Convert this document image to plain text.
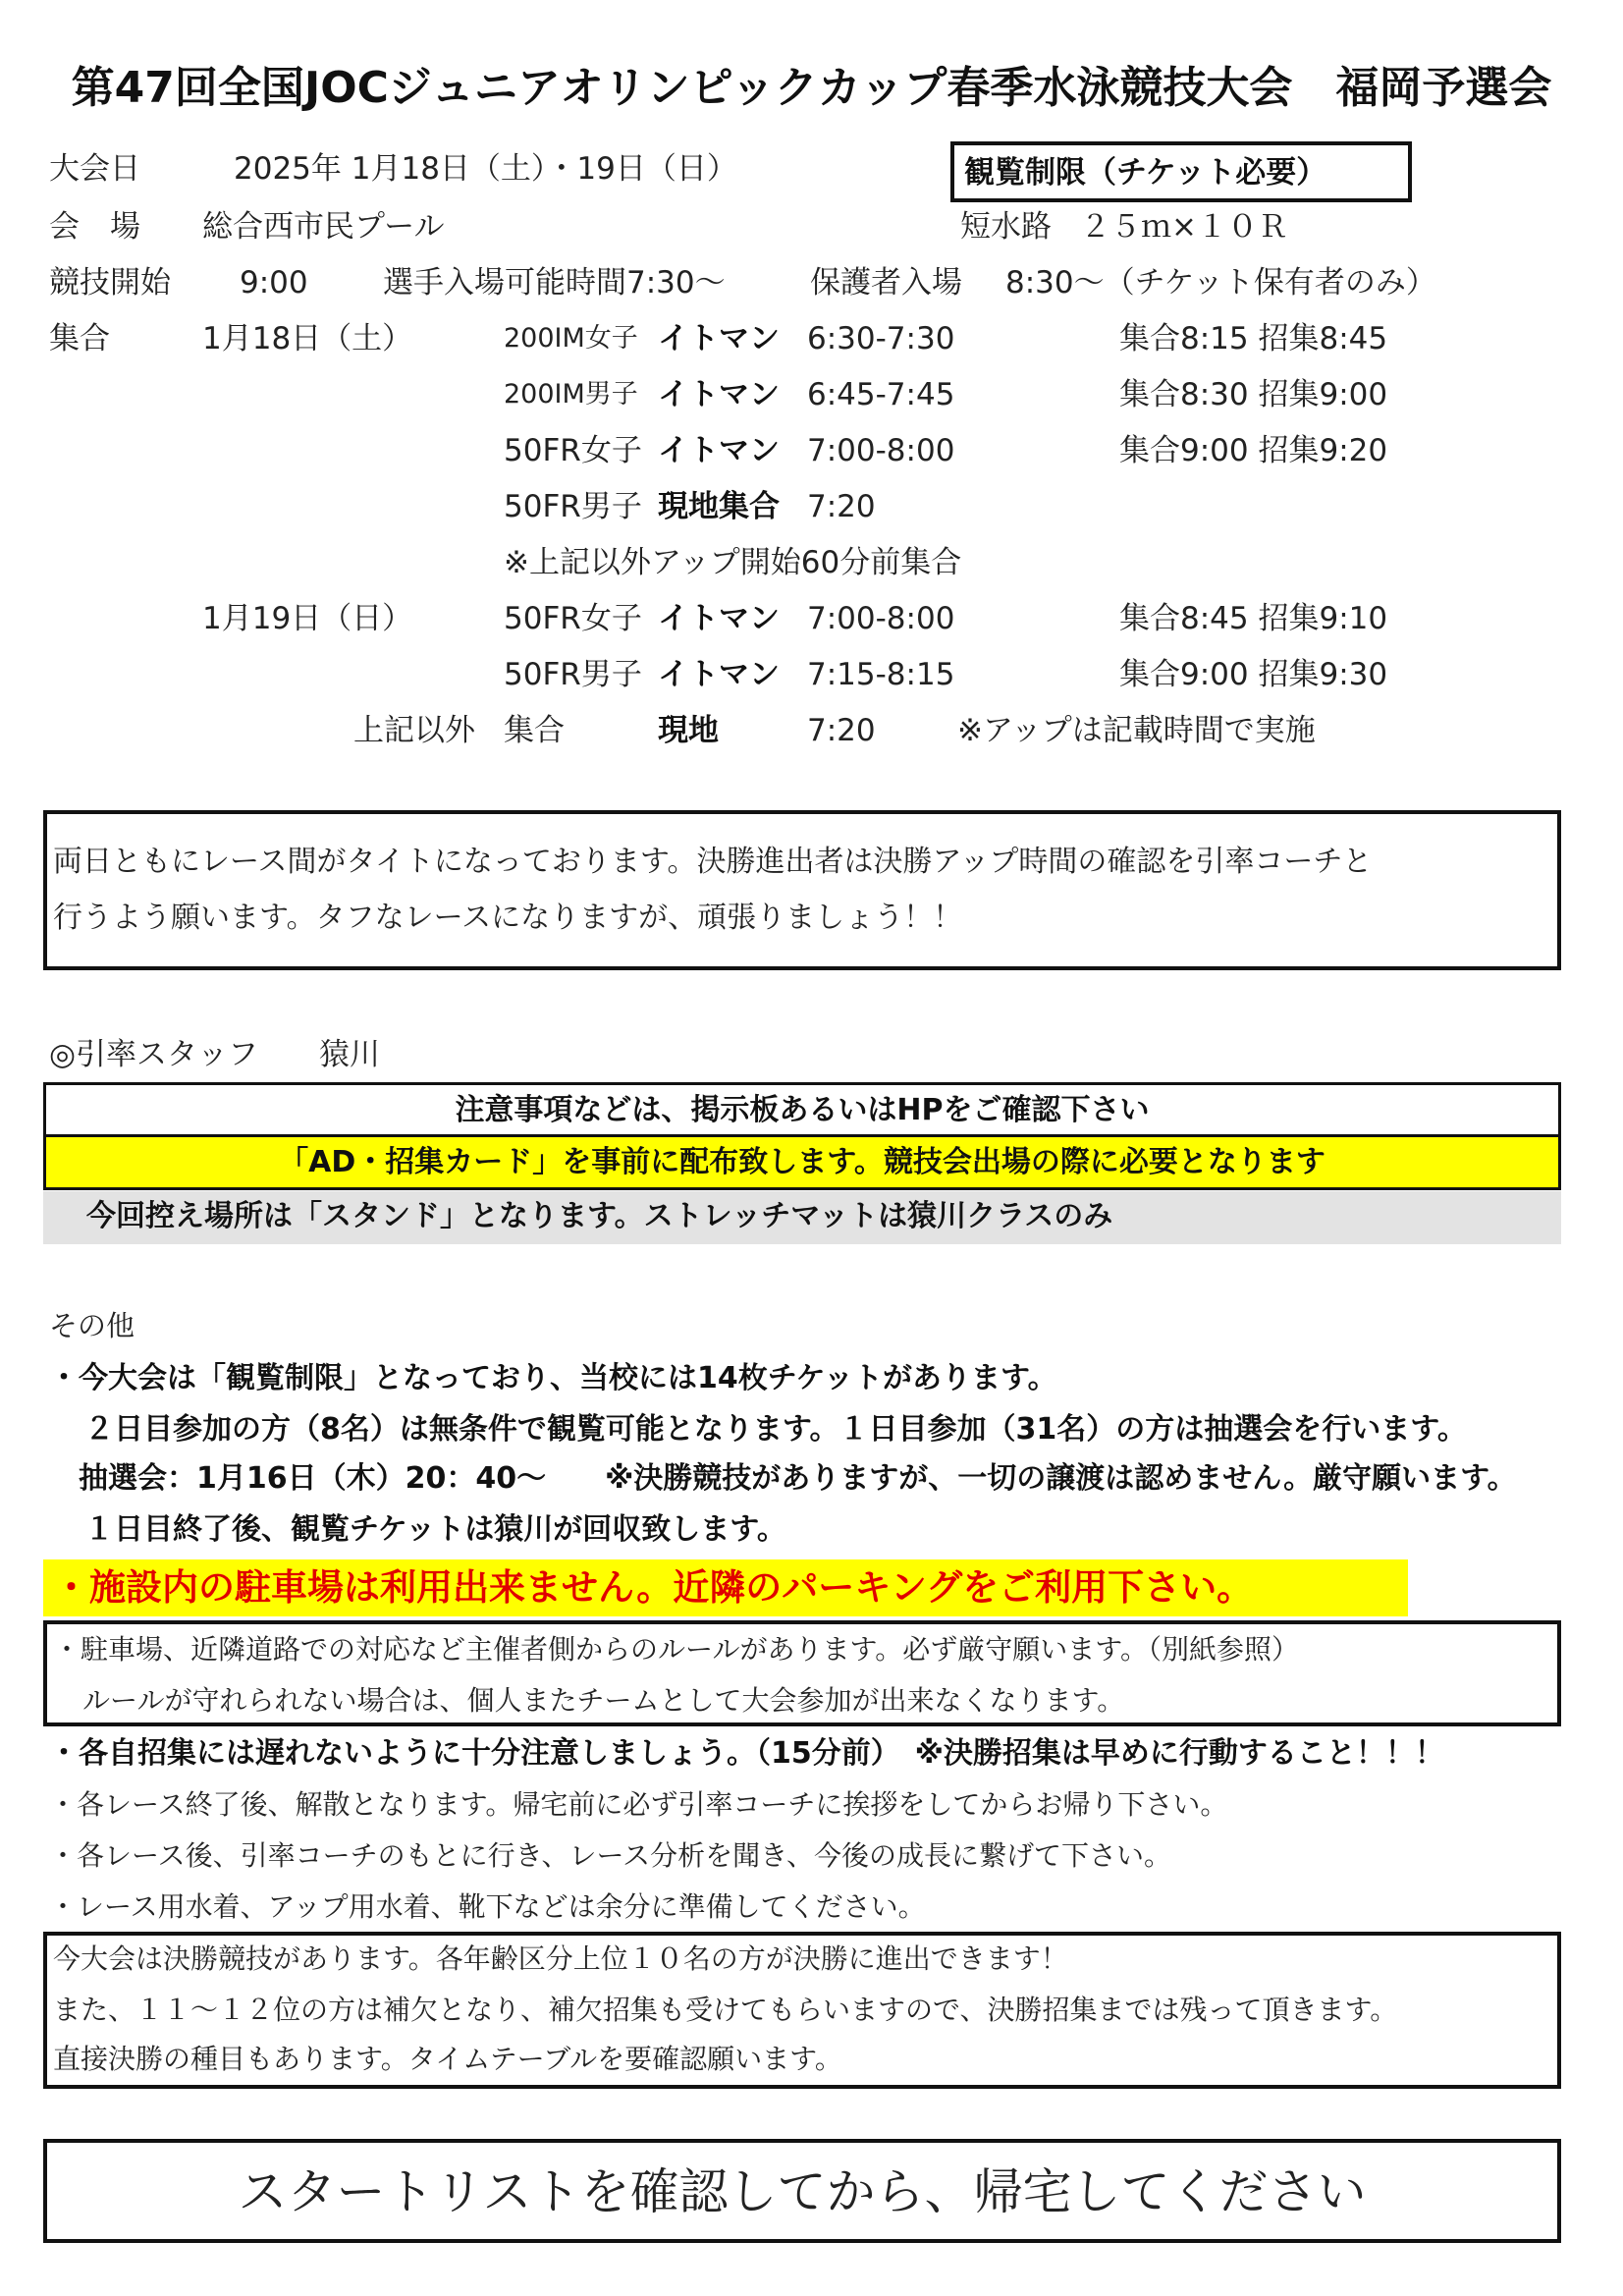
第47回全国JOCジュニアオリンピックカップ春季水泳競技大会　福岡予選会
大会日	2025年 1月18日（土）・19日（日）	観覧制限（チケット必要）
会　場 総合西市民プール	短水路 ２５ｍ×１０Ｒ
競技開始 9:00 選手入場可能時間7:30〜	保護者入場 8:30〜（チケット保有者のみ）
集合	1月18日（土）	200IM女子 イトマン 6:30-7:30	集合8:15 招集8:45
200IM男子 イトマン 6:45-7:45	集合8:30 招集9:00
50FR女子 イトマン 7:00-8:00	集合9:00 招集9:20
50FR男子 現地集合 7:20
※上記以外アップ開始60分前集合
1月19日（日）	50FR女子 イトマン 7:00-8:00	集合8:45 招集9:10
50FR男子 イトマン 7:15-8:15	集合9:00 招集9:30
上記以外 集合	現地	7:20	※アップは記載時間で実施
両日ともにレース間がタイトになっております。決勝進出者は決勝アップ時間の確認を引率コーチと
行うよう願います。タフなレースになりますが、頑張りましょう！！
◎引率スタッフ　　猿川
注意事項などは、掲示板あるいはHPをご確認下さい
「AD・招集カード」を事前に配布致します。競技会出場の際に必要となります
今回控え場所は「スタンド」となります。ストレッチマットは猿川クラスのみ
その他
・今大会は「観覧制限」となっており、当校には14枚チケットがあります。
２日目参加の方（8名）は無条件で観覧可能となります。１日目参加（31名）の方は抽選会を行います。
抽選会：1月16日（木）20：40〜　　※決勝競技がありますが、一切の譲渡は認めません。厳守願います。
１日目終了後、観覧チケットは猿川が回収致します。
・施設内の駐車場は利用出来ません。近隣のパーキングをご利用下さい。
・駐車場、近隣道路での対応など主催者側からのルールがあります。必ず厳守願います。（別紙参照）
ルールが守れられない場合は、個人またチームとして大会参加が出来なくなります。
・各自招集には遅れないように十分注意しましょう。（15分前）　※決勝招集は早めに行動すること！！！
・各レース終了後、解散となります。帰宅前に必ず引率コーチに挨拶をしてからお帰り下さい。
・各レース後、引率コーチのもとに行き、レース分析を聞き、今後の成長に繋げて下さい。
・レース用水着、アップ用水着、靴下などは余分に準備してください。
今大会は決勝競技があります。各年齢区分上位１０名の方が決勝に進出できます！
また、１１〜１２位の方は補欠となり、補欠招集も受けてもらいますので、決勝招集までは残って頂きます。
直接決勝の種目もあります。タイムテーブルを要確認願います。
スタートリストを確認してから、帰宅してください
